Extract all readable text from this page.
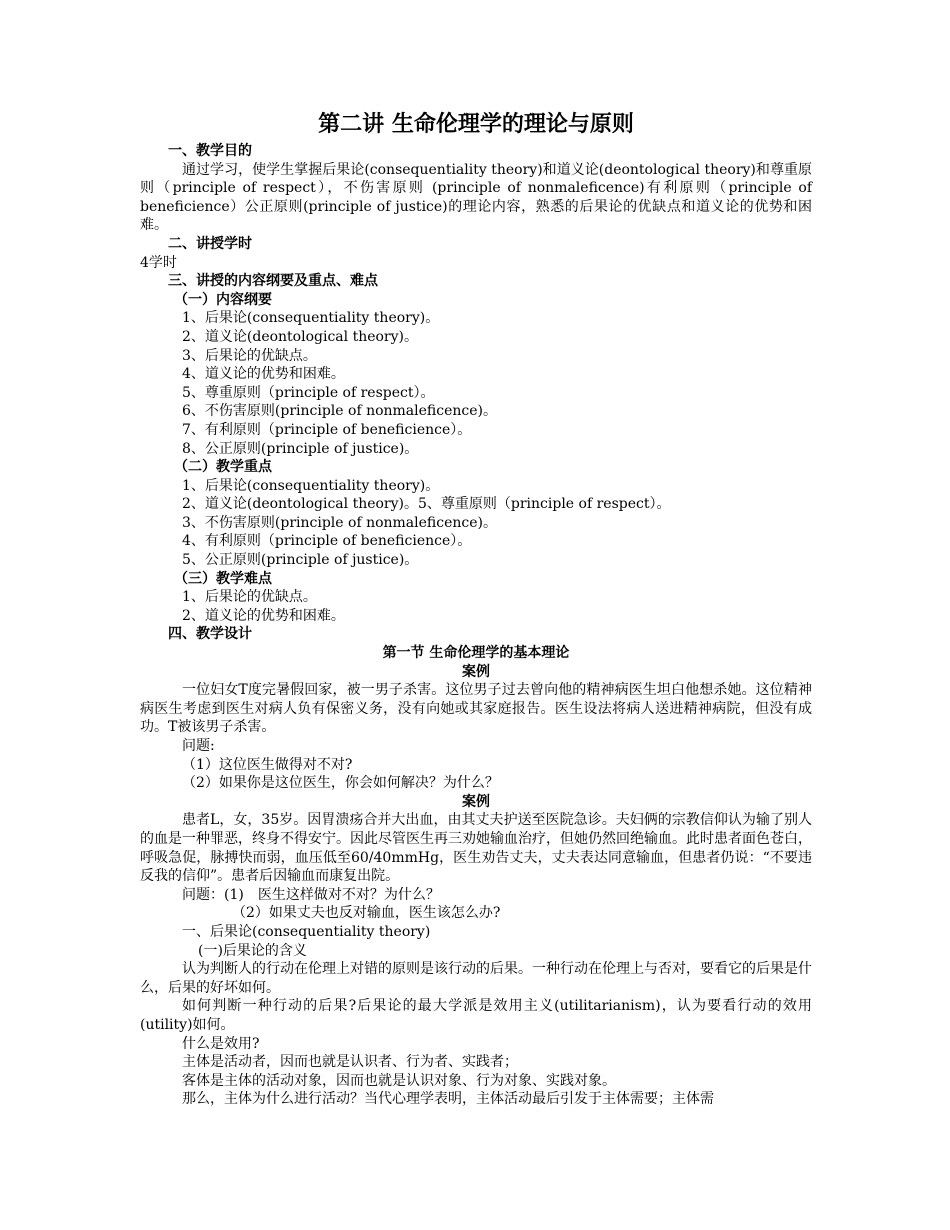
第二讲 生命伦理学的理论与原则
一、教学目的
通过学习，使学生掌握后果论(consequentiality theory)和道义论(deontological theory)和尊重原则（principle of respect），不伤害原则 (principle of nonmaleficence)有利原则（principle of beneficience）公正原则(principle of justice)的理论内容，熟悉的后果论的优缺点和道义论的优势和困难。
二、讲授学时
4学时
三、讲授的内容纲要及重点、难点
（一）内容纲要
1、后果论(consequentiality theory)。
2、道义论(deontological theory)。
3、后果论的优缺点。
4、道义论的优势和困难。
5、尊重原则（principle of respect）。
6、不伤害原则(principle of nonmaleficence)。
7、有利原则（principle of beneficience）。
8、公正原则(principle of justice)。
（二）教学重点
1、后果论(consequentiality theory)。
2、道义论(deontological theory)。5、尊重原则（principle of respect）。
3、不伤害原则(principle of nonmaleficence)。
4、有利原则（principle of beneficience）。
5、公正原则(principle of justice)。
（三）教学难点
1、后果论的优缺点。
2、道义论的优势和困难。
四、教学设计
第一节 生命伦理学的基本理论
案例
一位妇女T度完暑假回家，被一男子杀害。这位男子过去曾向他的精神病医生坦白他想杀她。这位精神病医生考虑到医生对病人负有保密义务，没有向她或其家庭报告。医生设法将病人送进精神病院，但没有成功。T被该男子杀害。
问题:
（1）这位医生做得对不对?
（2）如果你是这位医生，你会如何解决？为什么？
案例
患者L，女，35岁。因胃溃疡合并大出血，由其丈夫护送至医院急诊。夫妇俩的宗教信仰认为输了别人的血是一种罪恶，终身不得安宁。因此尽管医生再三劝她输血治疗，但她仍然回绝输血。此时患者面色苍白，呼吸急促，脉搏快而弱，血压低至60/40mmHg，医生劝告丈夫，丈夫表达同意输血，但患者仍说：“不要违反我的信仰”。患者后因输血而康复出院。
问题：(1)　医生这样做对不对？为什么？
（2）如果丈夫也反对输血，医生该怎么办?
一、后果论(consequentiality theory)
(一)后果论的含义
认为判断人的行动在伦理上对错的原则是该行动的后果。一种行动在伦理上与否对，要看它的后果是什么，后果的好坏如何。
如何判断一种行动的后果?后果论的最大学派是效用主义(utilitarianism)，认为要看行动的效用(utility)如何。
什么是效用?
主体是活动者，因而也就是认识者、行为者、实践者；
客体是主体的活动对象，因而也就是认识对象、行为对象、实践对象。
那么，主体为什么进行活动？当代心理学表明，主体活动最后引发于主体需要；主体需
